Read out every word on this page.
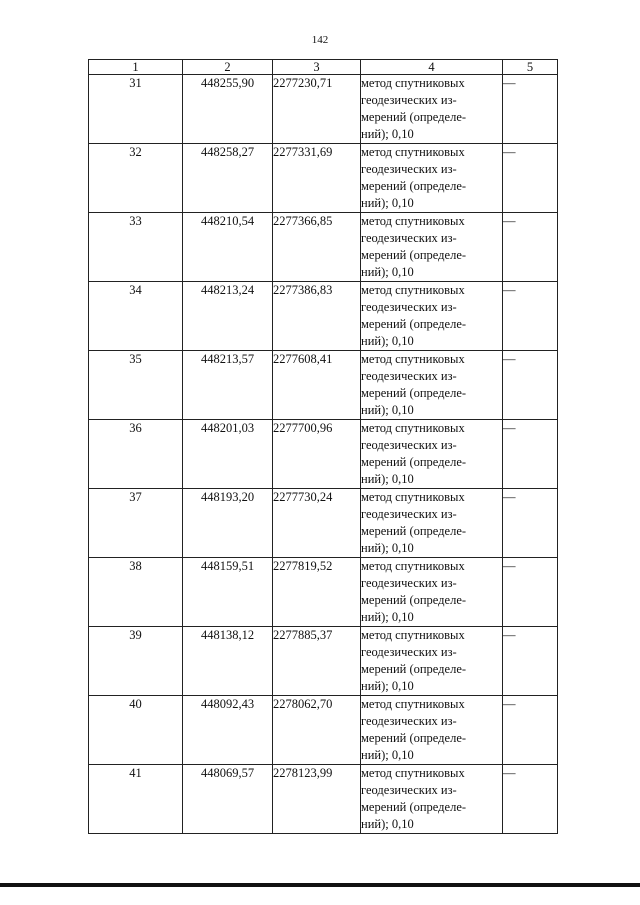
142
1	2	3	4	5
31	448255,90	2277230,71	метод спутниковых
геодезических из-
мерений (определе-
ний); 0,10	—
32	448258,27	2277331,69	метод спутниковых
геодезических из-
мерений (определе-
ний); 0,10	—
33	448210,54	2277366,85	метод спутниковых
геодезических из-
мерений (определе-
ний); 0,10	—
34	448213,24	2277386,83	метод спутниковых
геодезических из-
мерений (определе-
ний); 0,10	—
35	448213,57	2277608,41	метод спутниковых
геодезических из-
мерений (определе-
ний); 0,10	—
36	448201,03	2277700,96	метод спутниковых
геодезических из-
мерений (определе-
ний); 0,10	—
37	448193,20	2277730,24	метод спутниковых
геодезических из-
мерений (определе-
ний); 0,10	—
38	448159,51	2277819,52	метод спутниковых
геодезических из-
мерений (определе-
ний); 0,10	—
39	448138,12	2277885,37	метод спутниковых
геодезических из-
мерений (определе-
ний); 0,10	—
40	448092,43	2278062,70	метод спутниковых
геодезических из-
мерений (определе-
ний); 0,10	—
41	448069,57	2278123,99	метод спутниковых
геодезических из-
мерений (определе-
ний); 0,10	—
